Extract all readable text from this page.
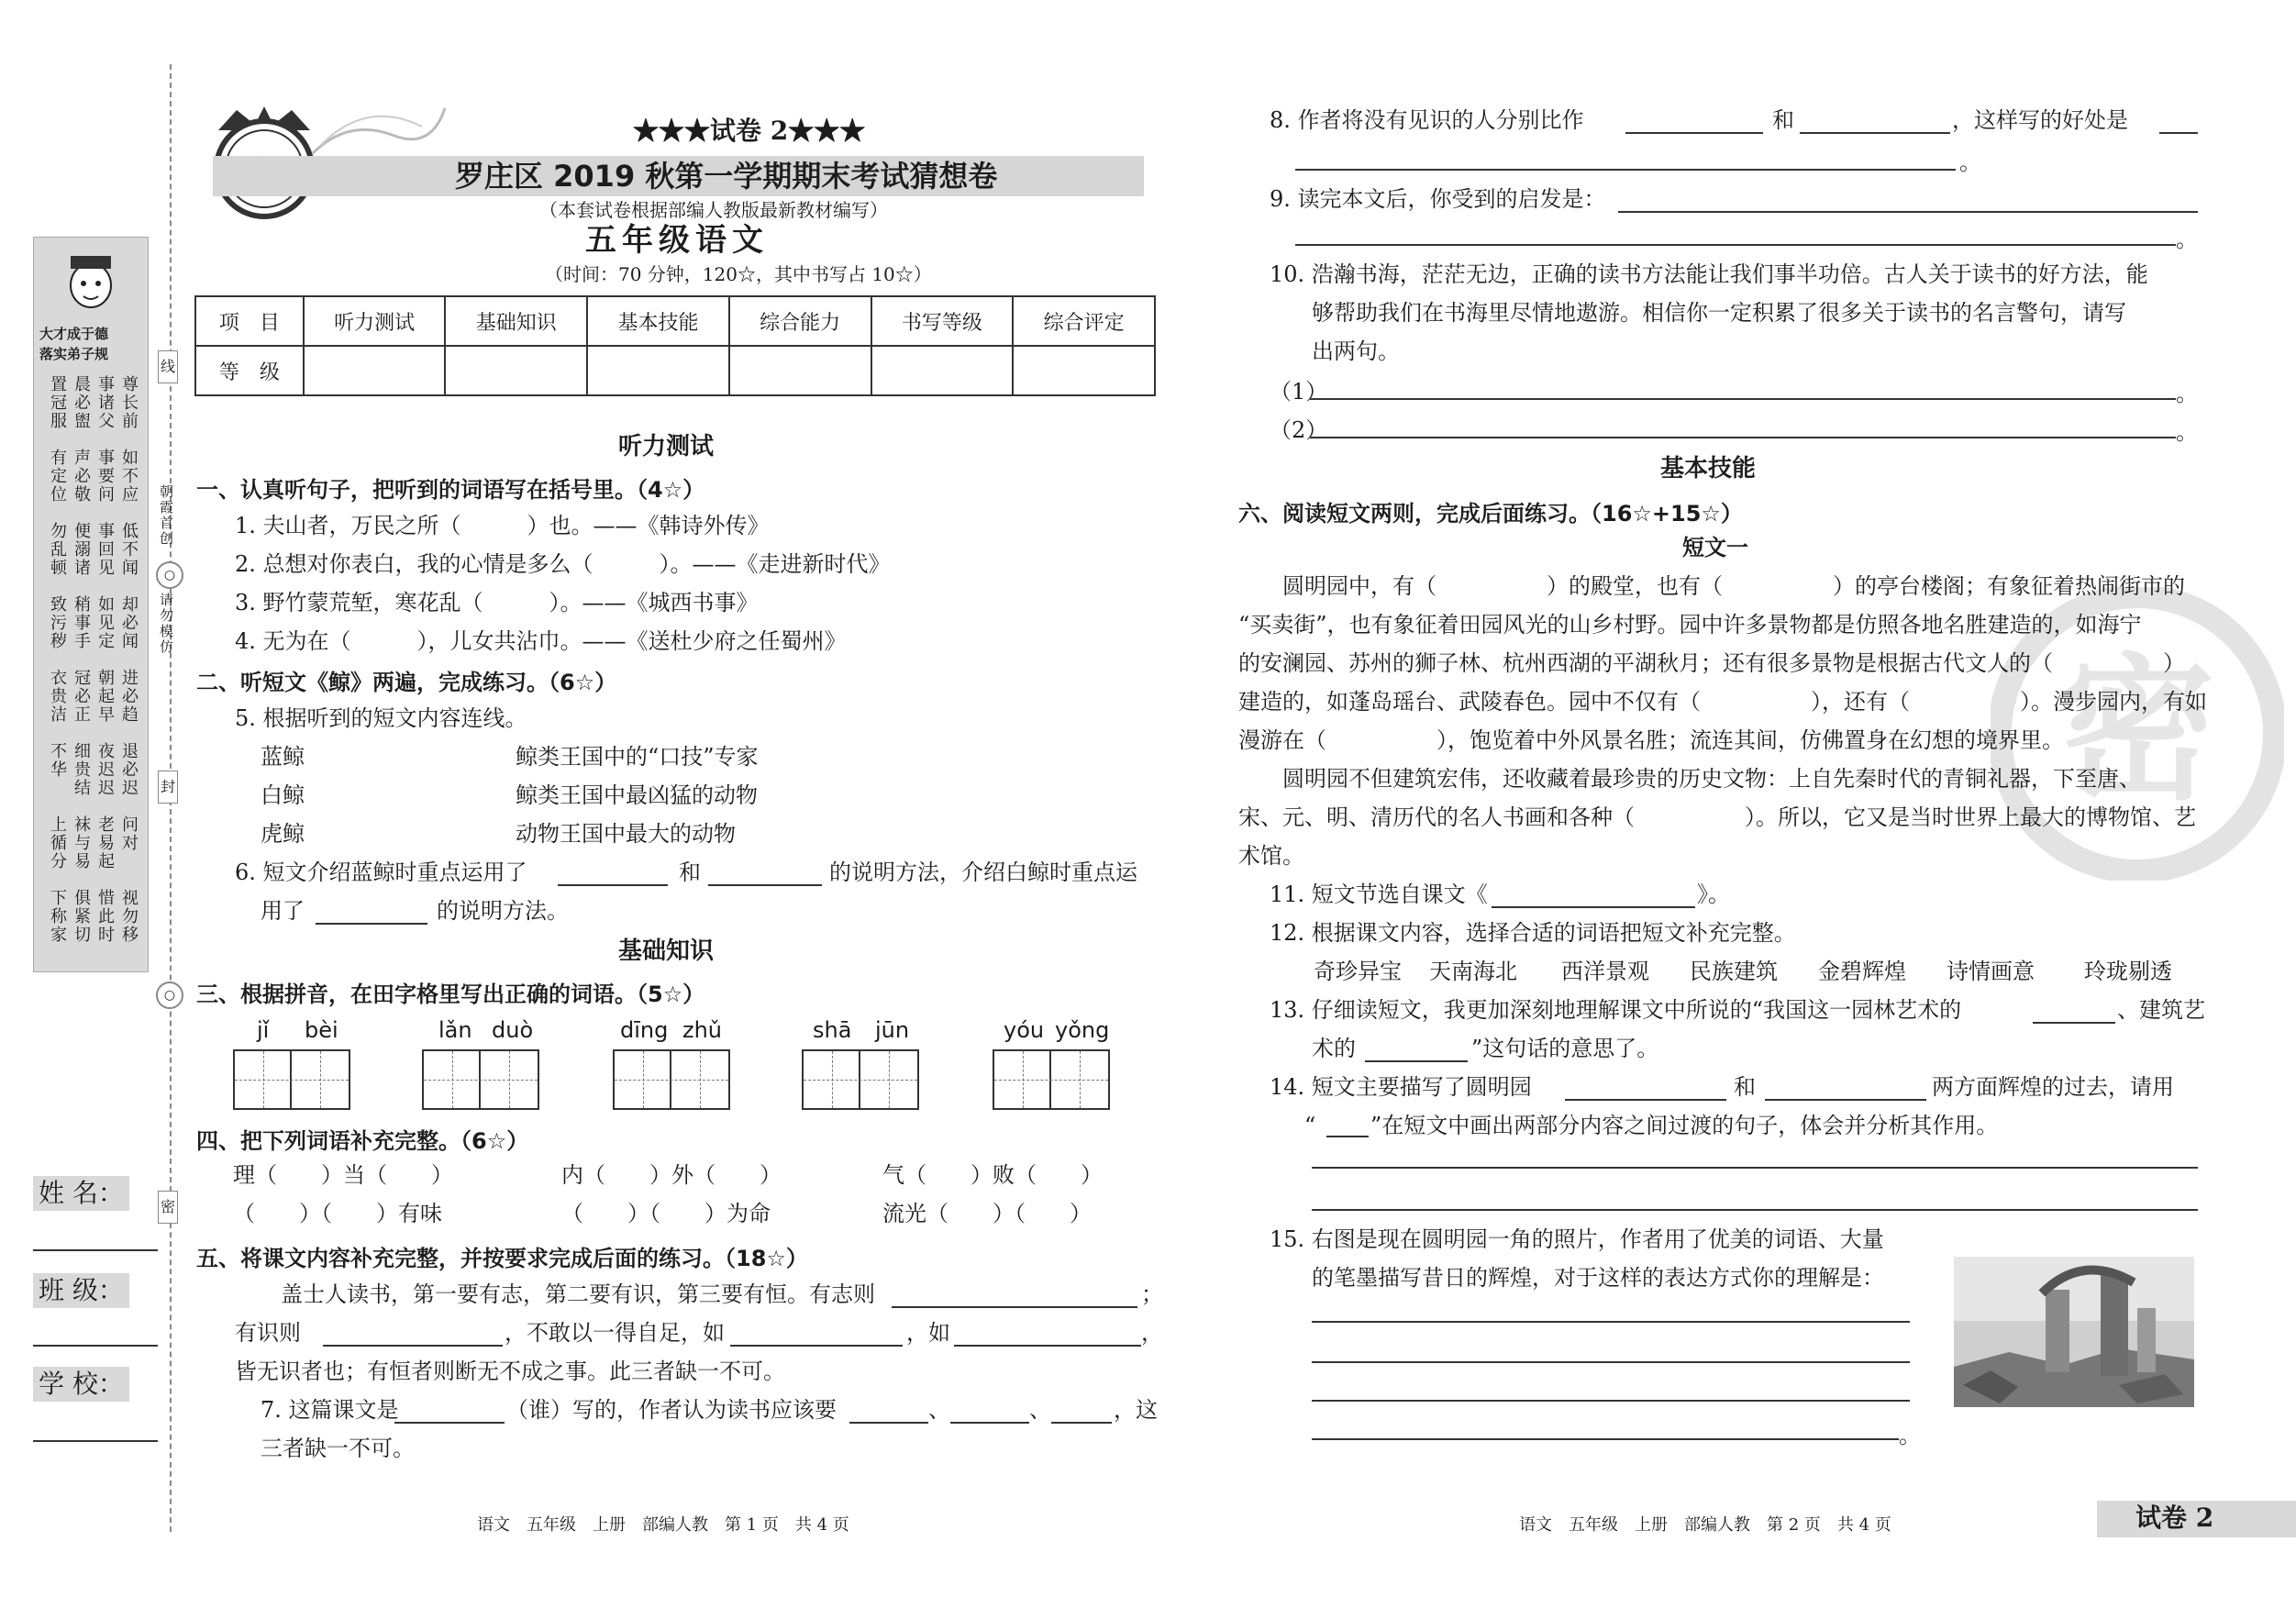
大才成于德
落实弟子规
置冠服 晨必盥 事诸父 尊长前
有定位 声必敬 事要问 如不应
勿乱顿 便溺诸 事回见 低不闻
致污秽 稍事手 如见定 却必闻
衣贵洁 冠必正 朝起早 进必趋
不华 细贵结 夜迟迟 退必迟
上循分 袜与易 老易起 问对
下称家 俱紧切 惜此时 视勿移
姓 名：
班 级：
学 校：
线
朝霞首创
○
请勿模仿
封
○
密
★★★试卷 2★★★
罗庄区 2019 秋第一学期期末考试猜想卷
（本套试卷根据部编人教版最新教材编写）
五年级语文
（时间：70 分钟，120☆，其中书写占 10☆）
项　目	听力测试	基础知识	基本技能	综合能力	书写等级	综合评定
等　级						
听力测试
一、认真听句子，把听到的词语写在括号里。（4☆）
1. 夫山者，万民之所（　　　）也。——《韩诗外传》
2. 总想对你表白，我的心情是多么（　　　）。——《走进新时代》
3. 野竹蒙荒堑，寒花乱（　　　）。——《城西书事》
4. 无为在（　　　），儿女共沾巾。——《送杜少府之任蜀州》
二、听短文《鲸》两遍，完成练习。（6☆）
5. 根据听到的短文内容连线。
蓝鲸
白鲸
虎鲸
鲸类王国中的“口技”专家
鲸类王国中最凶猛的动物
动物王国中最大的动物
6. 短文介绍蓝鲸时重点运用了	和	的说明方法，介绍白鲸时重点运
用了	的说明方法。
基础知识
三、根据拼音，在田字格里写出正确的词语。（5☆）
jǐ bèi	lǎn duò	dīng zhǔ	shā jūn	yóu yǒng
四、把下列词语补充完整。（6☆）
理（　　）当（　　）	内（　　）外（　　）	气（　　）败（　　）
（　　）（　　）有味	（　　）（　　）为命	流光（　　）（　　）
五、将课文内容补充完整，并按要求完成后面的练习。（18☆）
盖士人读书，第一要有志，第二要有识，第三要有恒。有志则	；
有识则	，不敢以一得自足，如	，如	，
皆无识者也；有恒者则断无不成之事。此三者缺一不可。
7. 这篇课文是	（谁）写的，作者认为读书应该要	、	、	，这
三者缺一不可。
语文　五年级　上册　部编人教　第 1 页　共 4 页
密
8. 作者将没有见识的人分别比作	和	，这样写的好处是
。
9. 读完本文后，你受到的启发是：
。
10. 浩瀚书海，茫茫无边，正确的读书方法能让我们事半功倍。古人关于读书的好方法，能
够帮助我们在书海里尽情地遨游。相信你一定积累了很多关于读书的名言警句，请写
出两句。
（1）	。
（2）	。
基本技能
六、阅读短文两则，完成后面练习。（16☆+15☆）
短文一
圆明园中，有（　　　　　）的殿堂，也有（　　　　　）的亭台楼阁；有象征着热闹街市的
“买卖街”，也有象征着田园风光的山乡村野。园中许多景物都是仿照各地名胜建造的，如海宁
的安澜园、苏州的狮子林、杭州西湖的平湖秋月；还有很多景物是根据古代文人的（　　　　　）
建造的，如蓬岛瑶台、武陵春色。园中不仅有（　　　　　），还有（　　　　　）。漫步园内，有如
漫游在（　　　　　），饱览着中外风景名胜；流连其间，仿佛置身在幻想的境界里。
圆明园不但建筑宏伟，还收藏着最珍贵的历史文物：上自先秦时代的青铜礼器，下至唐、
宋、元、明、清历代的名人书画和各种（　　　　　）。所以，它又是当时世界上最大的博物馆、艺
术馆。
11. 短文节选自课文《	》。
12. 根据课文内容，选择合适的词语把短文补充完整。
奇珍异宝 天南海北 西洋景观 民族建筑 金碧辉煌 诗情画意 玲珑剔透
13. 仔细读短文，我更加深刻地理解课文中所说的“我国这一园林艺术的	、建筑艺
术的	”这句话的意思了。
14. 短文主要描写了圆明园	和	两方面辉煌的过去，请用
“ ”在短文中画出两部分内容之间过渡的句子，体会并分析其作用。
15. 右图是现在圆明园一角的照片，作者用了优美的词语、大量
的笔墨描写昔日的辉煌，对于这样的表达方式你的理解是：
。
语文　五年级　上册　部编人教　第 2 页　共 4 页	试卷 2
